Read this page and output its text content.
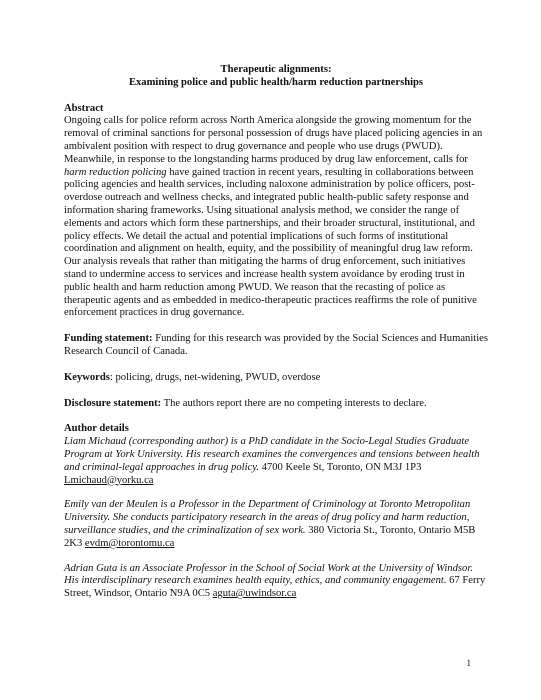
Therapeutic alignments:
Examining police and public health/harm reduction partnerships
Abstract

Ongoing calls for police reform across North America alongside the growing momentum for the removal of criminal sanctions for personal possession of drugs have placed policing agencies in an ambivalent position with respect to drug governance and people who use drugs (PWUD). Meanwhile, in response to the longstanding harms produced by drug law enforcement, calls for harm reduction policing have gained traction in recent years, resulting in collaborations between policing agencies and health services, including naloxone administration by police officers, post-overdose outreach and wellness checks, and integrated public health-public safety response and information sharing frameworks. Using situational analysis method, we consider the range of elements and actors which form these partnerships, and their broader structural, institutional, and policy effects. We detail the actual and potential implications of such forms of institutional coordination and alignment on health, equity, and the possibility of meaningful drug law reform. Our analysis reveals that rather than mitigating the harms of drug enforcement, such initiatives stand to undermine access to services and increase health system avoidance by eroding trust in public health and harm reduction among PWUD. We reason that the recasting of police as therapeutic agents and as embedded in medico-therapeutic practices reaffirms the role of punitive enforcement practices in drug governance.

Funding statement: Funding for this research was provided by the Social Sciences and Humanities Research Council of Canada.

Keywords: policing, drugs, net-widening, PWUD, overdose

Disclosure statement: The authors report there are no competing interests to declare.

Author details

Liam Michaud (corresponding author) is a PhD candidate in the Socio-Legal Studies Graduate Program at York University. His research examines the convergences and tensions between health and criminal-legal approaches in drug policy. 4700 Keele St, Toronto, ON M3J 1P3 Lmichaud@yorku.ca

Emily van der Meulen is a Professor in the Department of Criminology at Toronto Metropolitan University. She conducts participatory research in the areas of drug policy and harm reduction, surveillance studies, and the criminalization of sex work. 380 Victoria St., Toronto, Ontario M5B 2K3 evdm@torontomu.ca

Adrian Guta is an Associate Professor in the School of Social Work at the University of Windsor. His interdisciplinary research examines health equity, ethics, and community engagement. 67 Ferry Street, Windsor, Ontario N9A 0C5 aguta@uwindsor.ca

1
